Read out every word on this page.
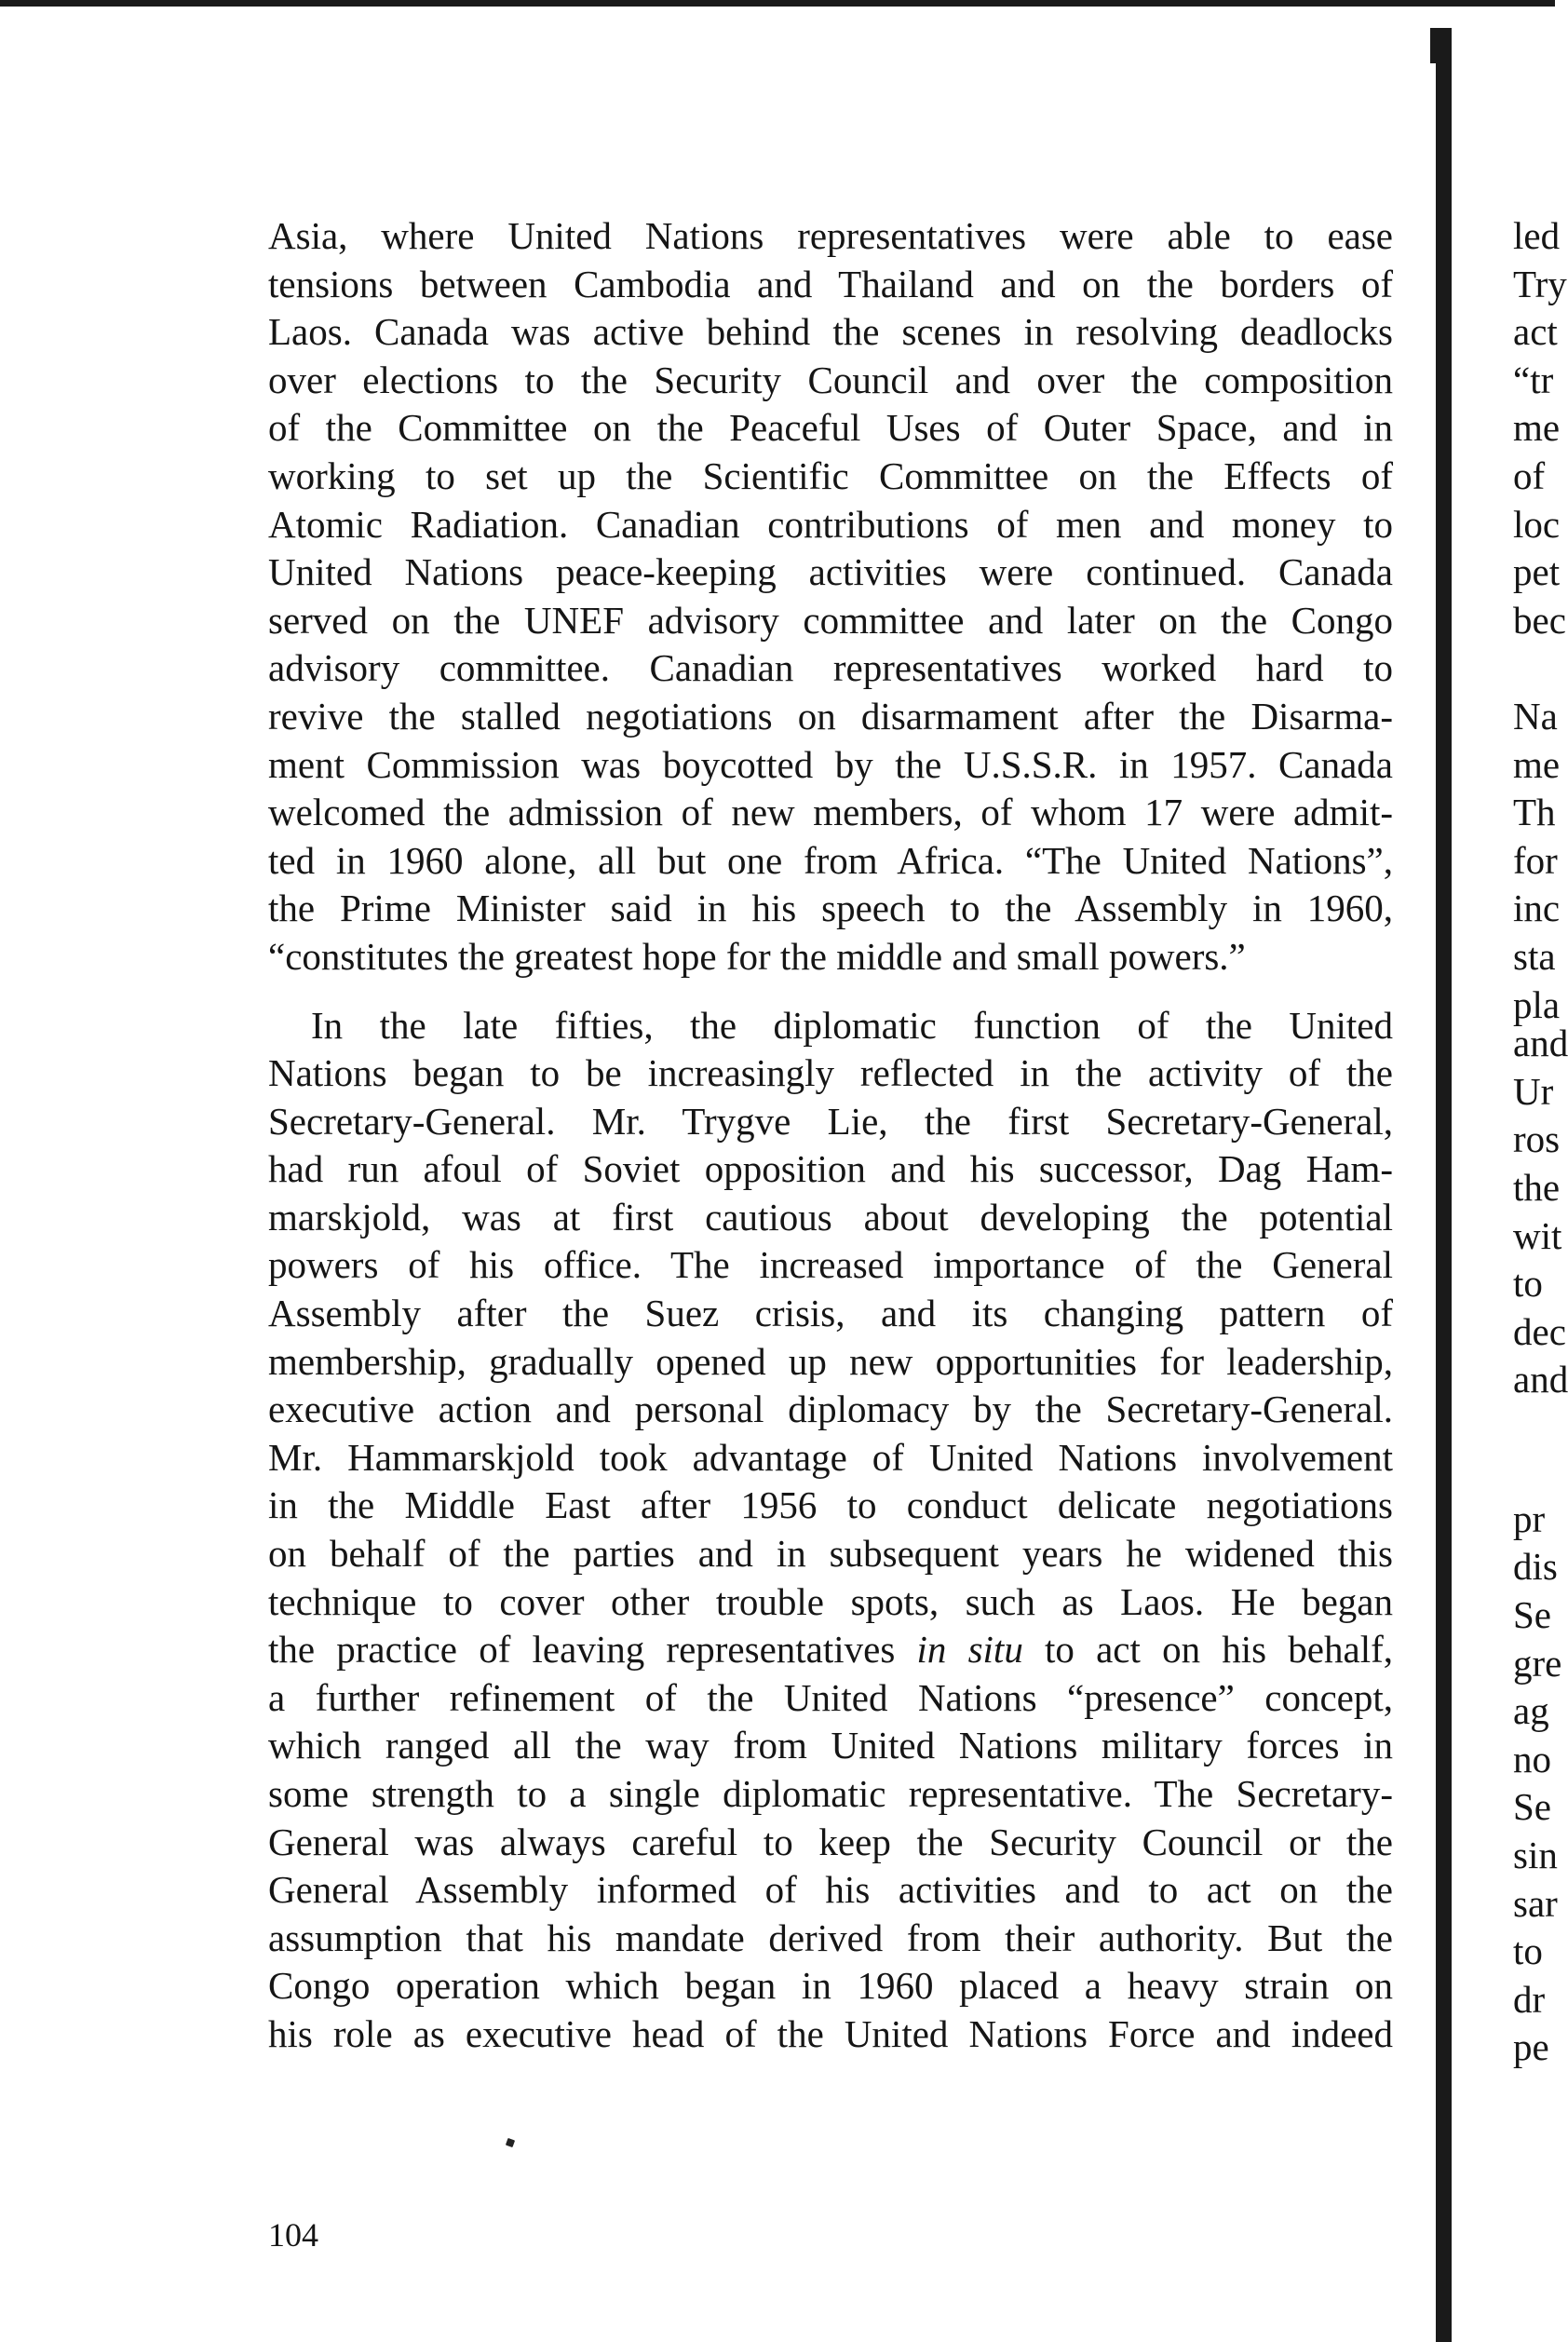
Asia, where United Nations representatives were able to ease
tensions between Cambodia and Thailand and on the borders of
Laos. Canada was active behind the scenes in resolving deadlocks
over elections to the Security Council and over the composition
of the Committee on the Peaceful Uses of Outer Space, and in
working to set up the Scientific Committee on the Effects of
Atomic Radiation. Canadian contributions of men and money to
United Nations peace-keeping activities were continued. Canada
served on the UNEF advisory committee and later on the Congo
advisory committee. Canadian representatives worked hard to
revive the stalled negotiations on disarmament after the Disarma-
ment Commission was boycotted by the U.S.S.R. in 1957. Canada
welcomed the admission of new members, of whom 17 were admit-
ted in 1960 alone, all but one from Africa. “The United Nations”,
the Prime Minister said in his speech to the Assembly in 1960,
“constitutes the greatest hope for the middle and small powers.”

In the late fifties, the diplomatic function of the United
Nations began to be increasingly reflected in the activity of the
Secretary-General. Mr. Trygve Lie, the first Secretary-General,
had run afoul of Soviet opposition and his successor, Dag Ham-
marskjold, was at first cautious about developing the potential
powers of his office. The increased importance of the General
Assembly after the Suez crisis, and its changing pattern of
membership, gradually opened up new opportunities for leadership,
executive action and personal diplomacy by the Secretary-General.
Mr. Hammarskjold took advantage of United Nations involvement
in the Middle East after 1956 to conduct delicate negotiations
on behalf of the parties and in subsequent years he widened this
technique to cover other trouble spots, such as Laos. He began
the practice of leaving representatives in situ to act on his behalf,
a further refinement of the United Nations “presence” concept,
which ranged all the way from United Nations military forces in
some strength to a single diplomatic representative. The Secretary-
General was always careful to keep the Security Council or the
General Assembly informed of his activities and to act on the
assumption that his mandate derived from their authority. But the
Congo operation which began in 1960 placed a heavy strain on
his role as executive head of the United Nations Force and indeed

led
Try
act
“tr
me
of
loc
pet
bec
Na
me
Th
for
inc
sta
pla
and
Ur
ros
the
wit
to
dec
and
pr
dis
Se
gre
ag
no
Se
sin
sar
to
dr
pe
104
